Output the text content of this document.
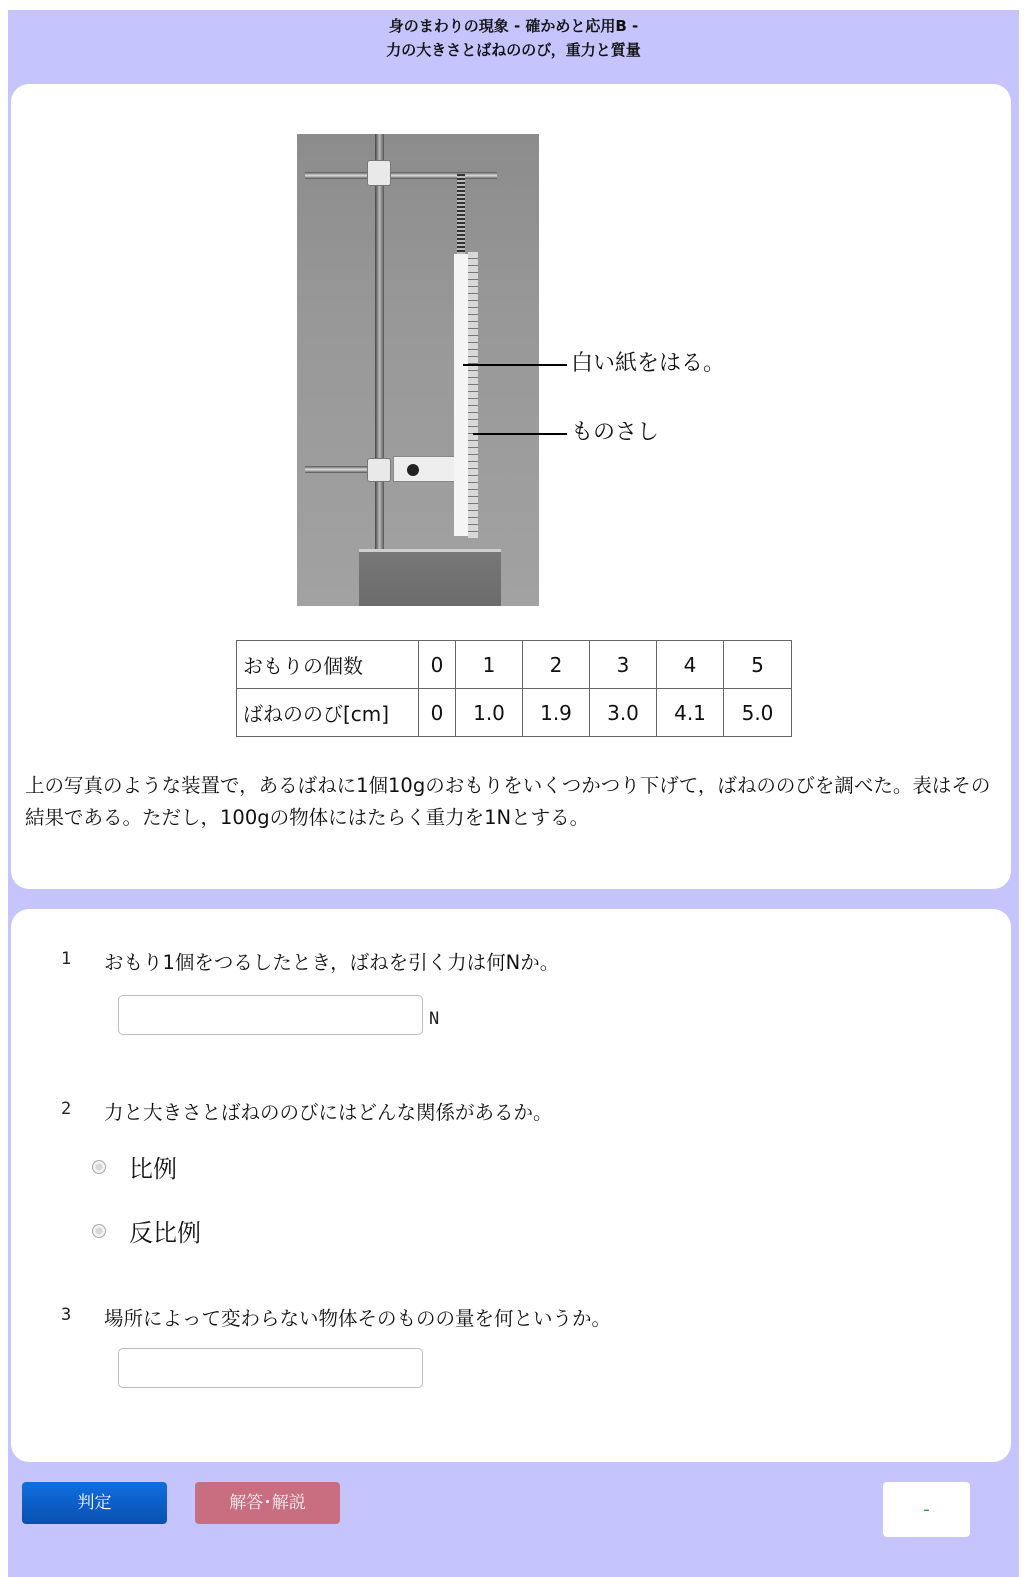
身のまわりの現象 - 確かめと応用B -
力の大きさとばねののび，重力と質量
白い紙をはる。
ものさし
おもりの個数	0	1	2	3	4	5
ばねののび[cm]	0	1.0	1.9	3.0	4.1	5.0
上の写真のような装置で，あるばねに1個10gのおもりをいくつかつり下げて，ばねののびを調べた。表はその結果である。ただし，100gの物体にはたらく重力を1Nとする。
1 おもり1個をつるしたとき，ばねを引く力は何Nか。
N
2 力と大きさとばねののびにはどんな関係があるか。
比例
反比例
3 場所によって変わらない物体そのものの量を何というか。
判定	解答･解説	-
